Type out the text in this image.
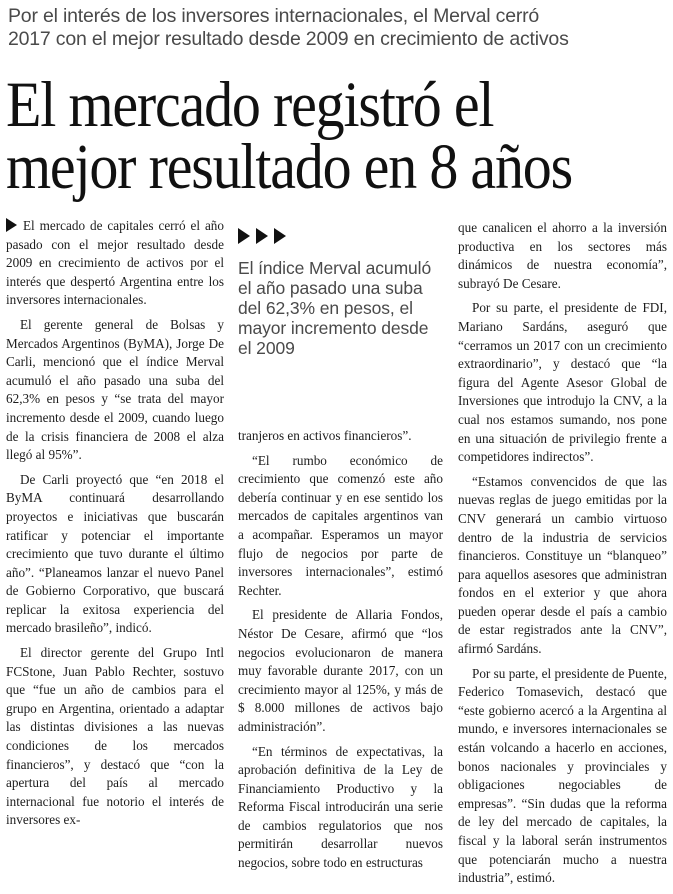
Por el interés de los inversores internacionales, el Merval cerró
2017 con el mejor resultado desde 2009 en crecimiento de activos
El mercado registró el
mejor resultado en 8 años

El mercado de capitales cerró el año pasado con el mejor resultado desde 2009 en crecimiento de activos por el interés que despertó Argentina entre los inversores internacionales.

El gerente general de Bolsas y Mercados Argentinos (ByMA), Jorge De Carli, mencionó que el índice Merval acumuló el año pasado una suba del 62,3% en pesos y “se trata del mayor incremento desde el 2009, cuando luego de la crisis financiera de 2008 el alza llegó al 95%”.

De Carli proyectó que “en 2018 el ByMA continuará desarrollando proyectos e iniciativas que buscarán ratificar y potenciar el importante crecimiento que tuvo durante el último año”. “Planeamos lanzar el nuevo Panel de Gobierno Corporativo, que buscará replicar la exitosa experiencia del mercado brasileño”, indicó.

El director gerente del Grupo Intl FCStone, Juan Pablo Rechter, sostuvo que “fue un año de cambios para el grupo en Argentina, orientado a adaptar las distintas divisiones a las nuevas condiciones de los mercados financieros”, y destacó que “con la apertura del país al mercado internacional fue notorio el interés de inversores ex-

El índice Merval acumuló el año pasado una suba del 62,3% en pesos, el mayor incremento desde el 2009

tranjeros en activos financieros”.

“El rumbo económico de crecimiento que comenzó este año debería continuar y en ese sentido los mercados de capitales argentinos van a acompañar. Esperamos un mayor flujo de negocios por parte de inversores internacionales”, estimó Rechter.

El presidente de Allaria Fondos, Néstor De Cesare, afirmó que “los negocios evolucionaron de manera muy favorable durante 2017, con un crecimiento mayor al 125%, y más de $ 8.000 millones de activos bajo administración”.

“En términos de expectativas, la aprobación definitiva de la Ley de Financiamiento Productivo y la Reforma Fiscal introducirán una serie de cambios regulatorios que nos permitirán desarrollar nuevos negocios, sobre todo en estructuras

que canalicen el ahorro a la inversión productiva en los sectores más dinámicos de nuestra economía”, subrayó De Cesare.

Por su parte, el presidente de FDI, Mariano Sardáns, aseguró que “cerramos un 2017 con un crecimiento extraordinario”, y destacó que “la figura del Agente Asesor Global de Inversiones que introdujo la CNV, a la cual nos estamos sumando, nos pone en una situación de privilegio frente a competidores indirectos”.

“Estamos convencidos de que las nuevas reglas de juego emitidas por la CNV generará un cambio virtuoso dentro de la industria de servicios financieros. Constituye un “blanqueo” para aquellos asesores que administran fondos en el exterior y que ahora pueden operar desde el país a cambio de estar registrados ante la CNV”, afirmó Sardáns.

Por su parte, el presidente de Puente, Federico Tomasevich, destacó que “este gobierno acercó a la Argentina al mundo, e inversores internacionales se están volcando a hacerlo en acciones, bonos nacionales y provinciales y obligaciones negociables de empresas”. “Sin dudas que la reforma de ley del mercado de capitales, la fiscal y la laboral serán instrumentos que potenciarán mucho a nuestra industria”, estimó.
